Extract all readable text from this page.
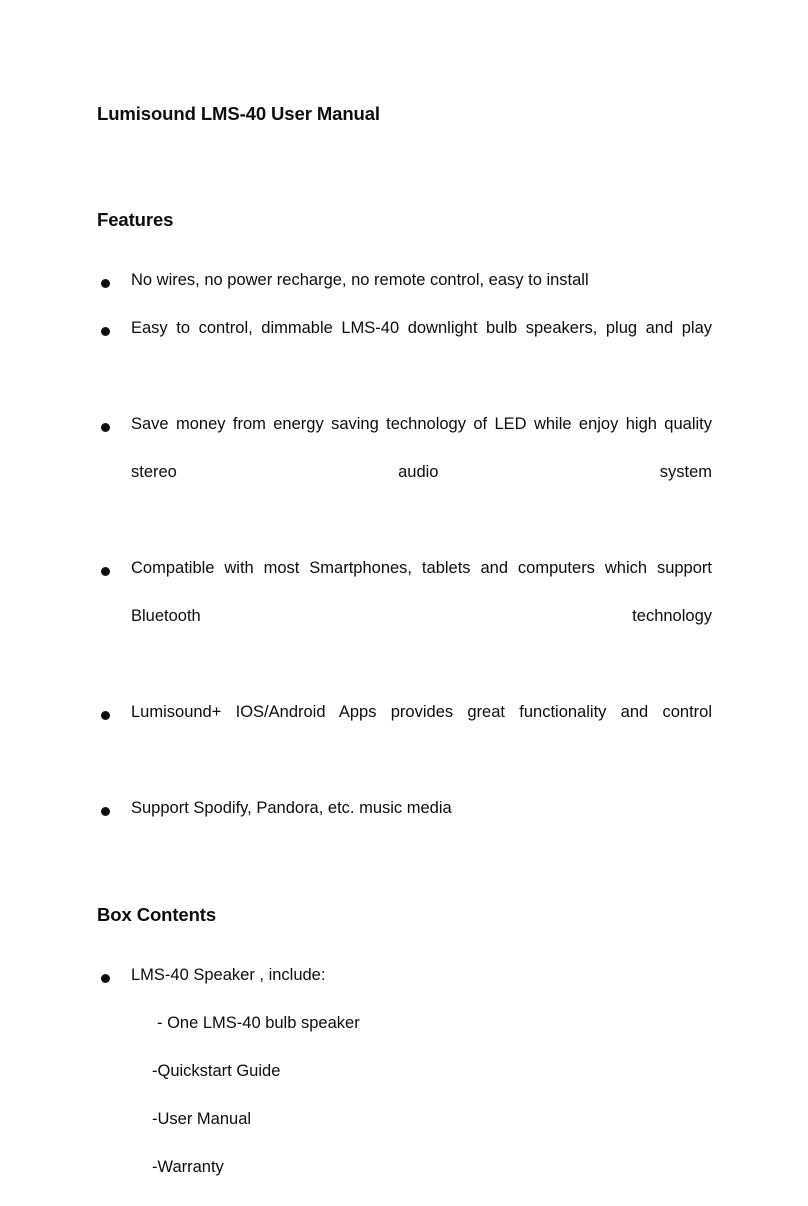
Lumisound LMS-40 User Manual
Features
No wires, no power recharge, no remote control, easy to install
Easy to control, dimmable LMS-40 downlight bulb speakers, plug and play
Save money from energy saving technology of LED while enjoy high quality stereo audio system
Compatible with most Smartphones, tablets and computers which support Bluetooth technology
Lumisound+ IOS/Android Apps provides great functionality and control
Support Spodify, Pandora, etc. music media
Box Contents
LMS-40 Speaker , include:
- One LMS-40 bulb speaker
-Quickstart Guide
-User Manual
-Warranty
